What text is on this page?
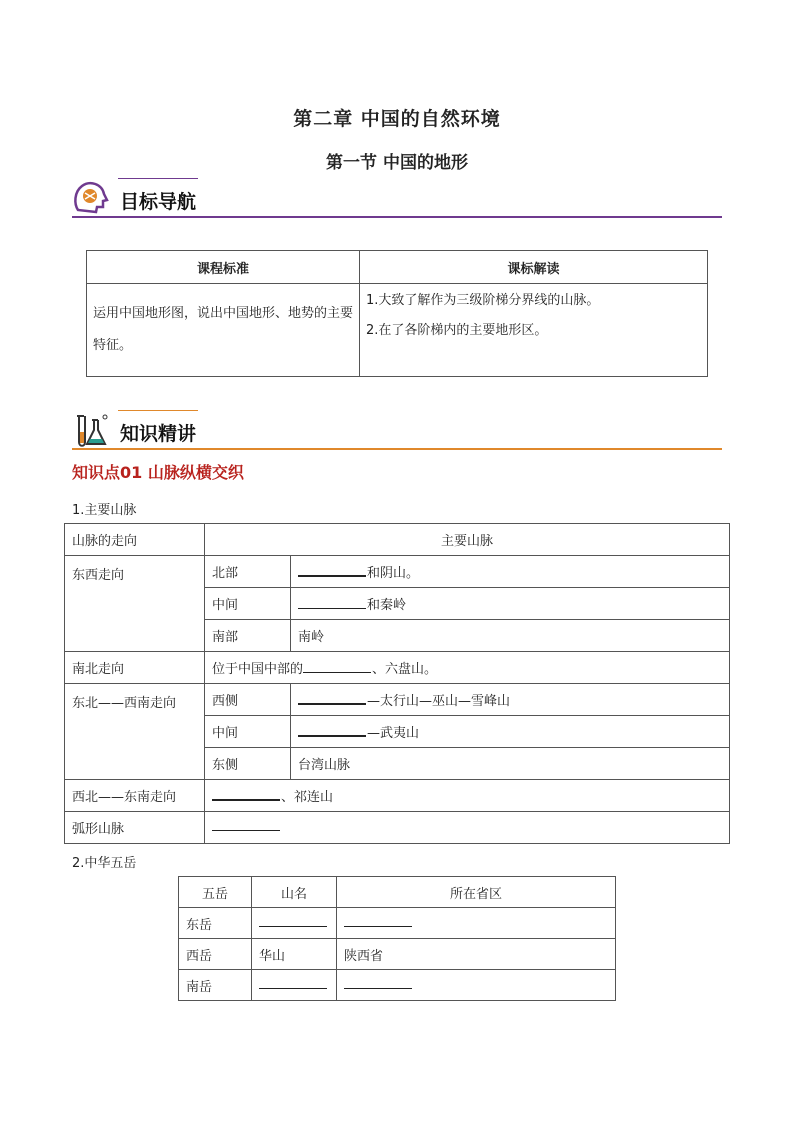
第二章 中国的自然环境
第一节 中国的地形
目标导航
课程标准	课标解读
运用中国地形图，说出中国地形、地势的主要特征。	1.大致了解作为三级阶梯分界线的山脉。
2.在了各阶梯内的主要地形区。
知识精讲
知识点01 山脉纵横交织
1.主要山脉
山脉的走向	主要山脉	
东西走向	北部	和阴山。
	中间	和秦岭
	南部	南岭
南北走向	位于中国中部的 、六盘山。	
东北——西南走向	西侧	—太行山—巫山—雪峰山
	中间	—武夷山
	东侧	台湾山脉
西北——东南走向	、祁连山	
弧形山脉		
2.中华五岳
五岳	山名	所在省区
东岳		
西岳	华山	陕西省
南岳		
